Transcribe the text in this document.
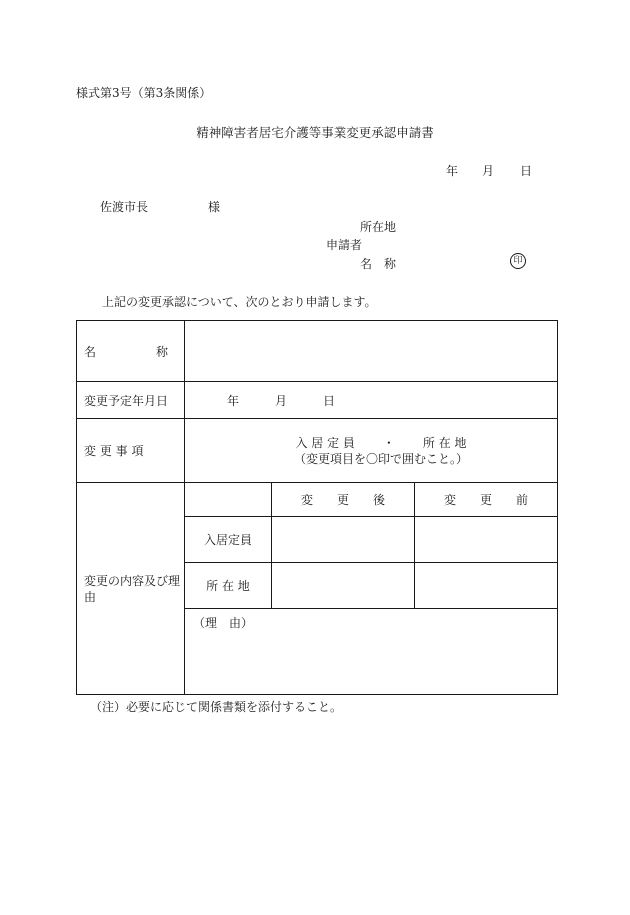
様式第3号（第3条関係）
精神障害者居宅介護等事業変更承認申請書
年 月 日
佐渡市長　　　　　様
所在地
申請者
名　称	印
上記の変更承認について、次のとおり申請します。
名　　　　　称			
変更予定年月日	年 月 日		
変 更 事 項	入 居 定 員 ・ 所 在 地
（変更項目を〇印で囲むこと。）		

変更の内容及び理由		変　　更　　後	変　　更　　前
	入居定員		
	所 在 地		

	（理　由）		
（注）必要に応じて関係書類を添付すること。
